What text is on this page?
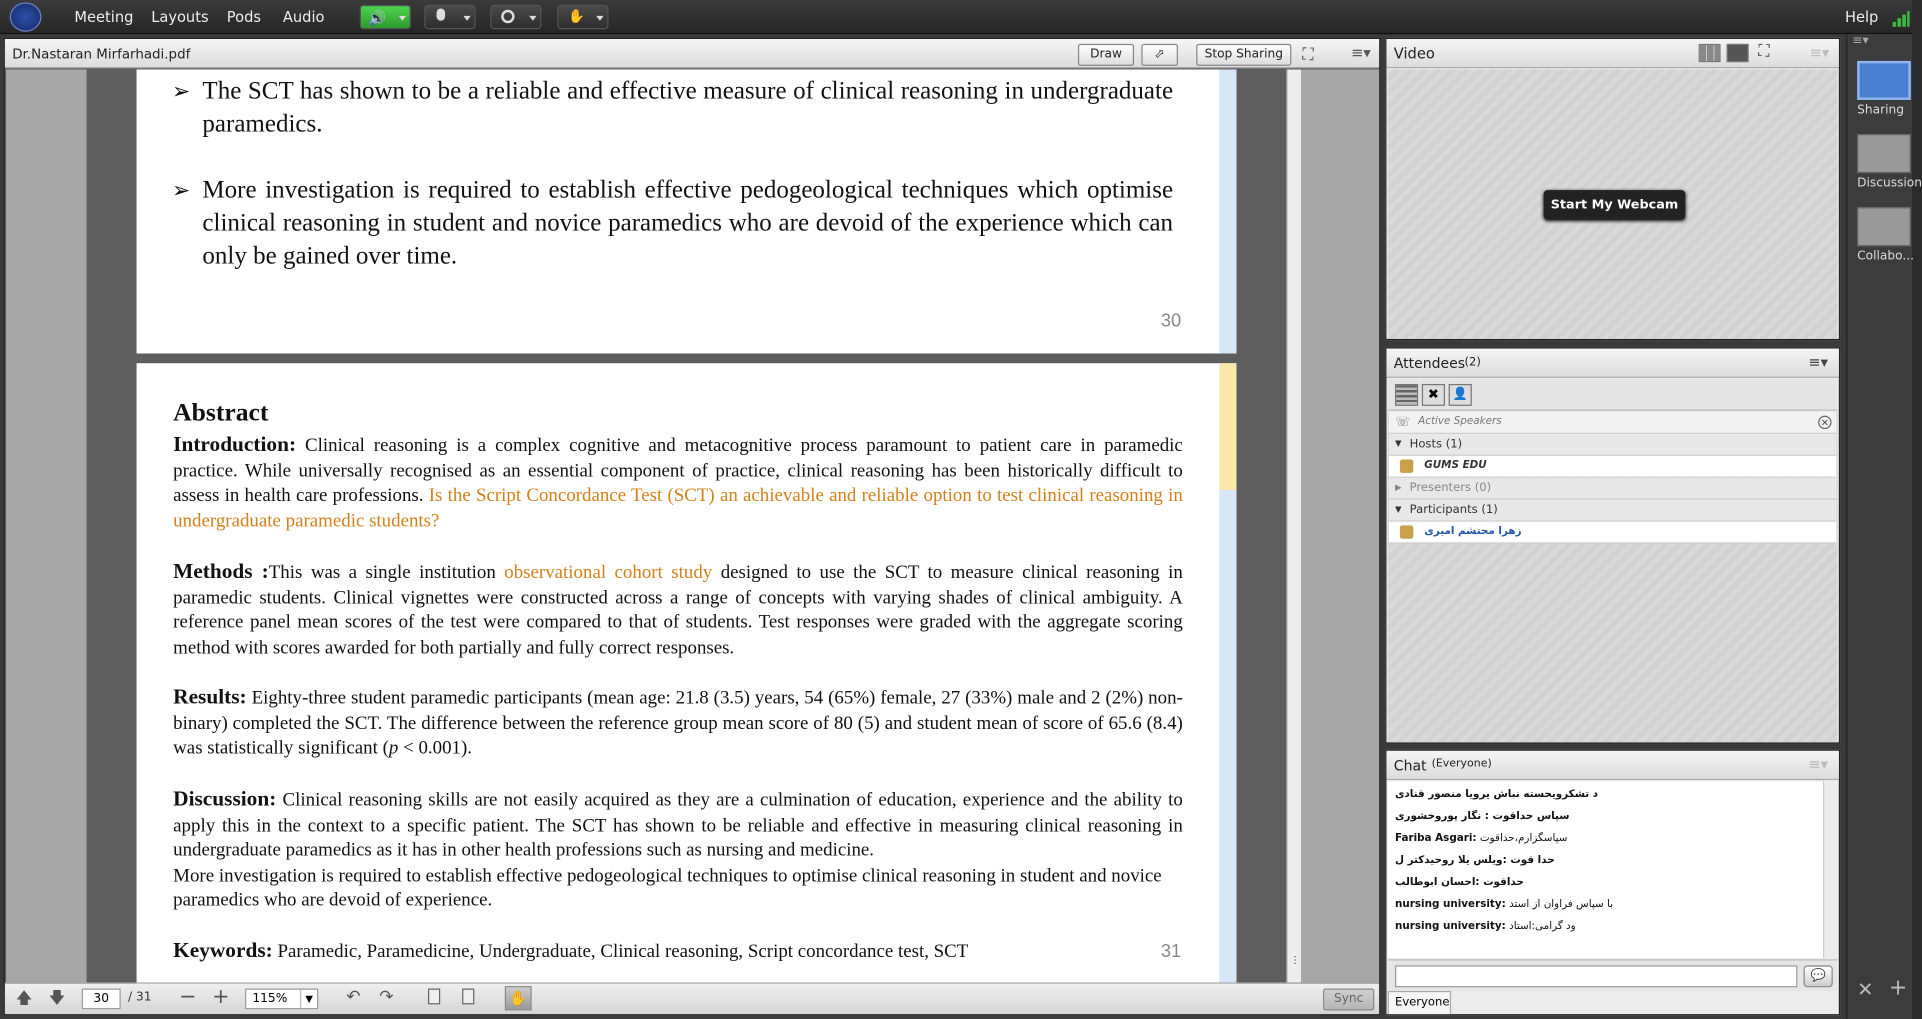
Meeting Layouts Pods Audio	🔊	✋	Help
Dr.Nastaran Mirfarhadi.pdf	Draw	⬀	Stop Sharing	⛶	≡▾
⋮
➢ The SCT has shown to be a reliable and effective measure of clinical reasoning in undergraduate paramedics.
➢ More investigation is required to establish effective pedogeological techniques which optimise clinical reasoning in student and novice paramedics who are devoid of the experience which can only be gained over time.
30
Abstract
Introduction: Clinical reasoning is a complex cognitive and metacognitive process paramount to patient care in paramedic practice. While universally recognised as an essential component of practice, clinical reasoning has been historically difficult to assess in health care professions. Is the Script Concordance Test (SCT) an achievable and reliable option to test clinical reasoning in undergraduate paramedic students?
Methods :This was a single institution observational cohort study designed to use the SCT to measure clinical reasoning in paramedic students. Clinical vignettes were constructed across a range of concepts with varying shades of clinical ambiguity. A reference panel mean scores of the test were compared to that of students. Test responses were graded with the aggregate scoring method with scores awarded for both partially and fully correct responses.
Results: Eighty-three student paramedic participants (mean age: 21.8 (3.5) years, 54 (65%) female, 27 (33%) male and 2 (2%) non-binary) completed the SCT. The difference between the reference group mean score of 80 (5) and student mean of score of 65.6 (8.4) was statistically significant (p < 0.001).
Discussion: Clinical reasoning skills are not easily acquired as they are a culmination of education, experience and the ability to apply this in the context to a specific patient. The SCT has shown to be reliable and effective in measuring clinical reasoning in undergraduate paramedics as it has in other health professions such as nursing and medicine.
More investigation is required to establish effective pedogeological techniques to optimise clinical reasoning in student and novice paramedics who are devoid of experience.
Keywords: Paramedic, Paramedicine, Undergraduate, Clinical reasoning, Script concordance test, SCT	31
🡅 🡇
30	/ 31 − + 115%	▼ ↶ ↷	✋	Sync
Video	⛶	≡▾
Start My Webcam
Attendees (2)	≡▾
✖	👤
☏ Active Speakers	×
▼ Hosts (1)
GUMS EDU
▶ Presenters (0)
▼ Participants (1)
زهرا محتشم امیری
Chat (Everyone)	≡▾
د تشکرویحسته نباش یرویا منصور قنادی
سپاس حداقوت : نگار پوروخشوری
Fariba Asgari: سپاسگزارم،حداقوت
حدا قوت :ویلس یلا روحیدکتر ل
حداقوت :احسان ابوطالب
nursing university: با سپاس فراوان از استد
nursing university: ود گرامی:استاد
💬
Everyone
≡▾
Sharing
Discussion
Collabo...
✕ +
